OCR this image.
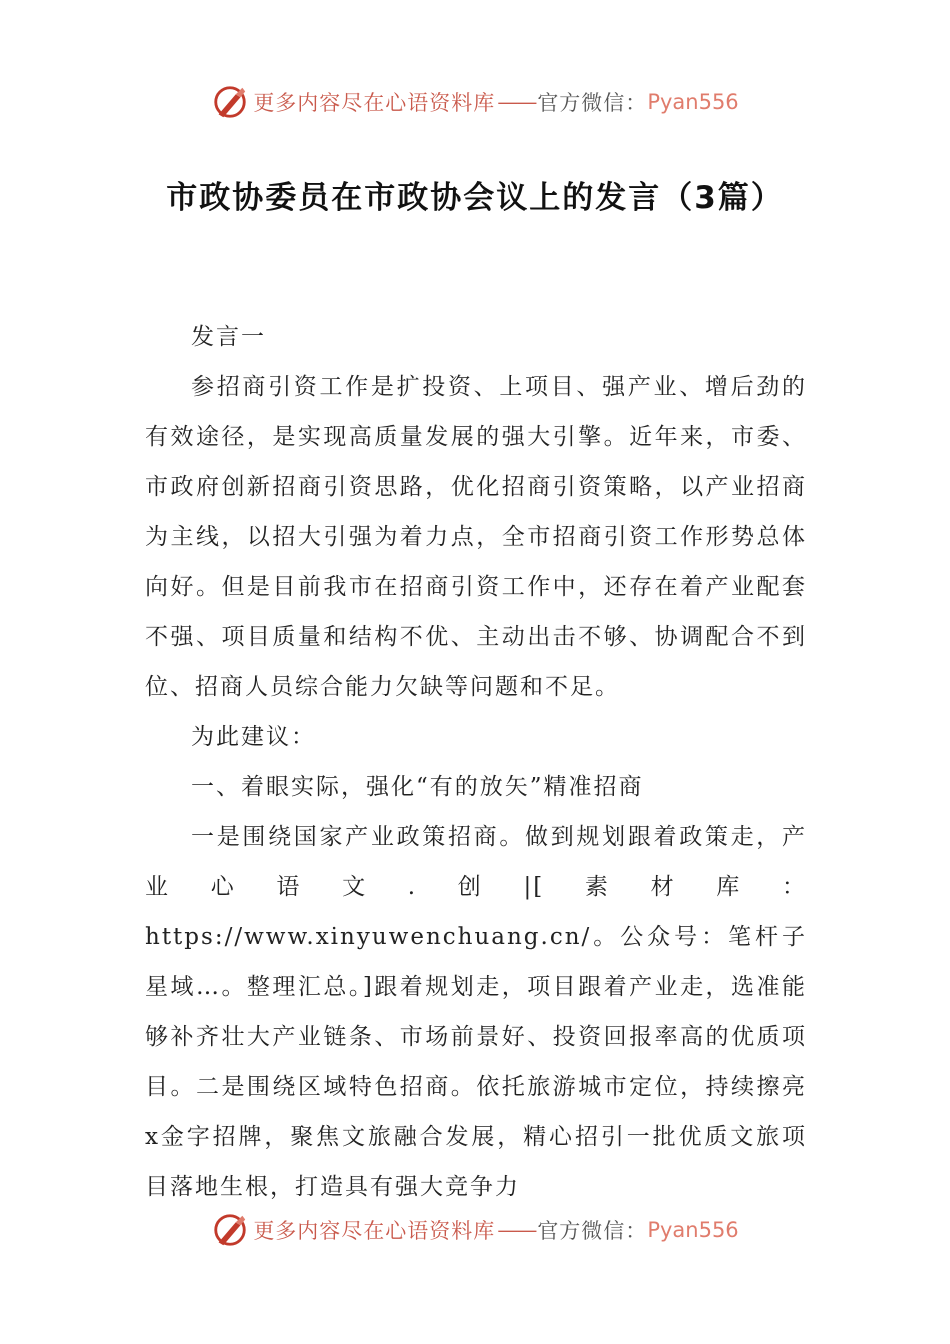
更多内容尽在心语资料库 —— 官方微信： Pyan556
市政协委员在市政协会议上的发言（3篇）

发言一

参招商引资工作是扩投资、上项目、强产业、增后劲的有效途径，是实现高质量发展的强大引擎。近年来，市委、市政府创新招商引资思路，优化招商引资策略，以产业招商为主线，以招大引强为着力点，全市招商引资工作形势总体向好。但是目前我市在招商引资工作中，还存在着产业配套不强、项目质量和结构不优、主动出击不够、协调配合不到位、招商人员综合能力欠缺等问题和不足。

为此建议：

一、着眼实际，强化“有的放矢”精准招商

一是围绕国家产业政策招商。做到规划跟着政策走，产业心语文.创|[素材库：https://www.xinyuwenchuang.cn/。公众号：笔杆子星域…。整理汇总。]跟着规划走，项目跟着产业走，选准能够补齐壮大产业链条、市场前景好、投资回报率高的优质项目。二是围绕区域特色招商。依托旅游城市定位，持续擦亮x金字招牌，聚焦文旅融合发展，精心招引一批优质文旅项目落地生根，打造具有强大竞争力

更多内容尽在心语资料库 —— 官方微信： Pyan556
